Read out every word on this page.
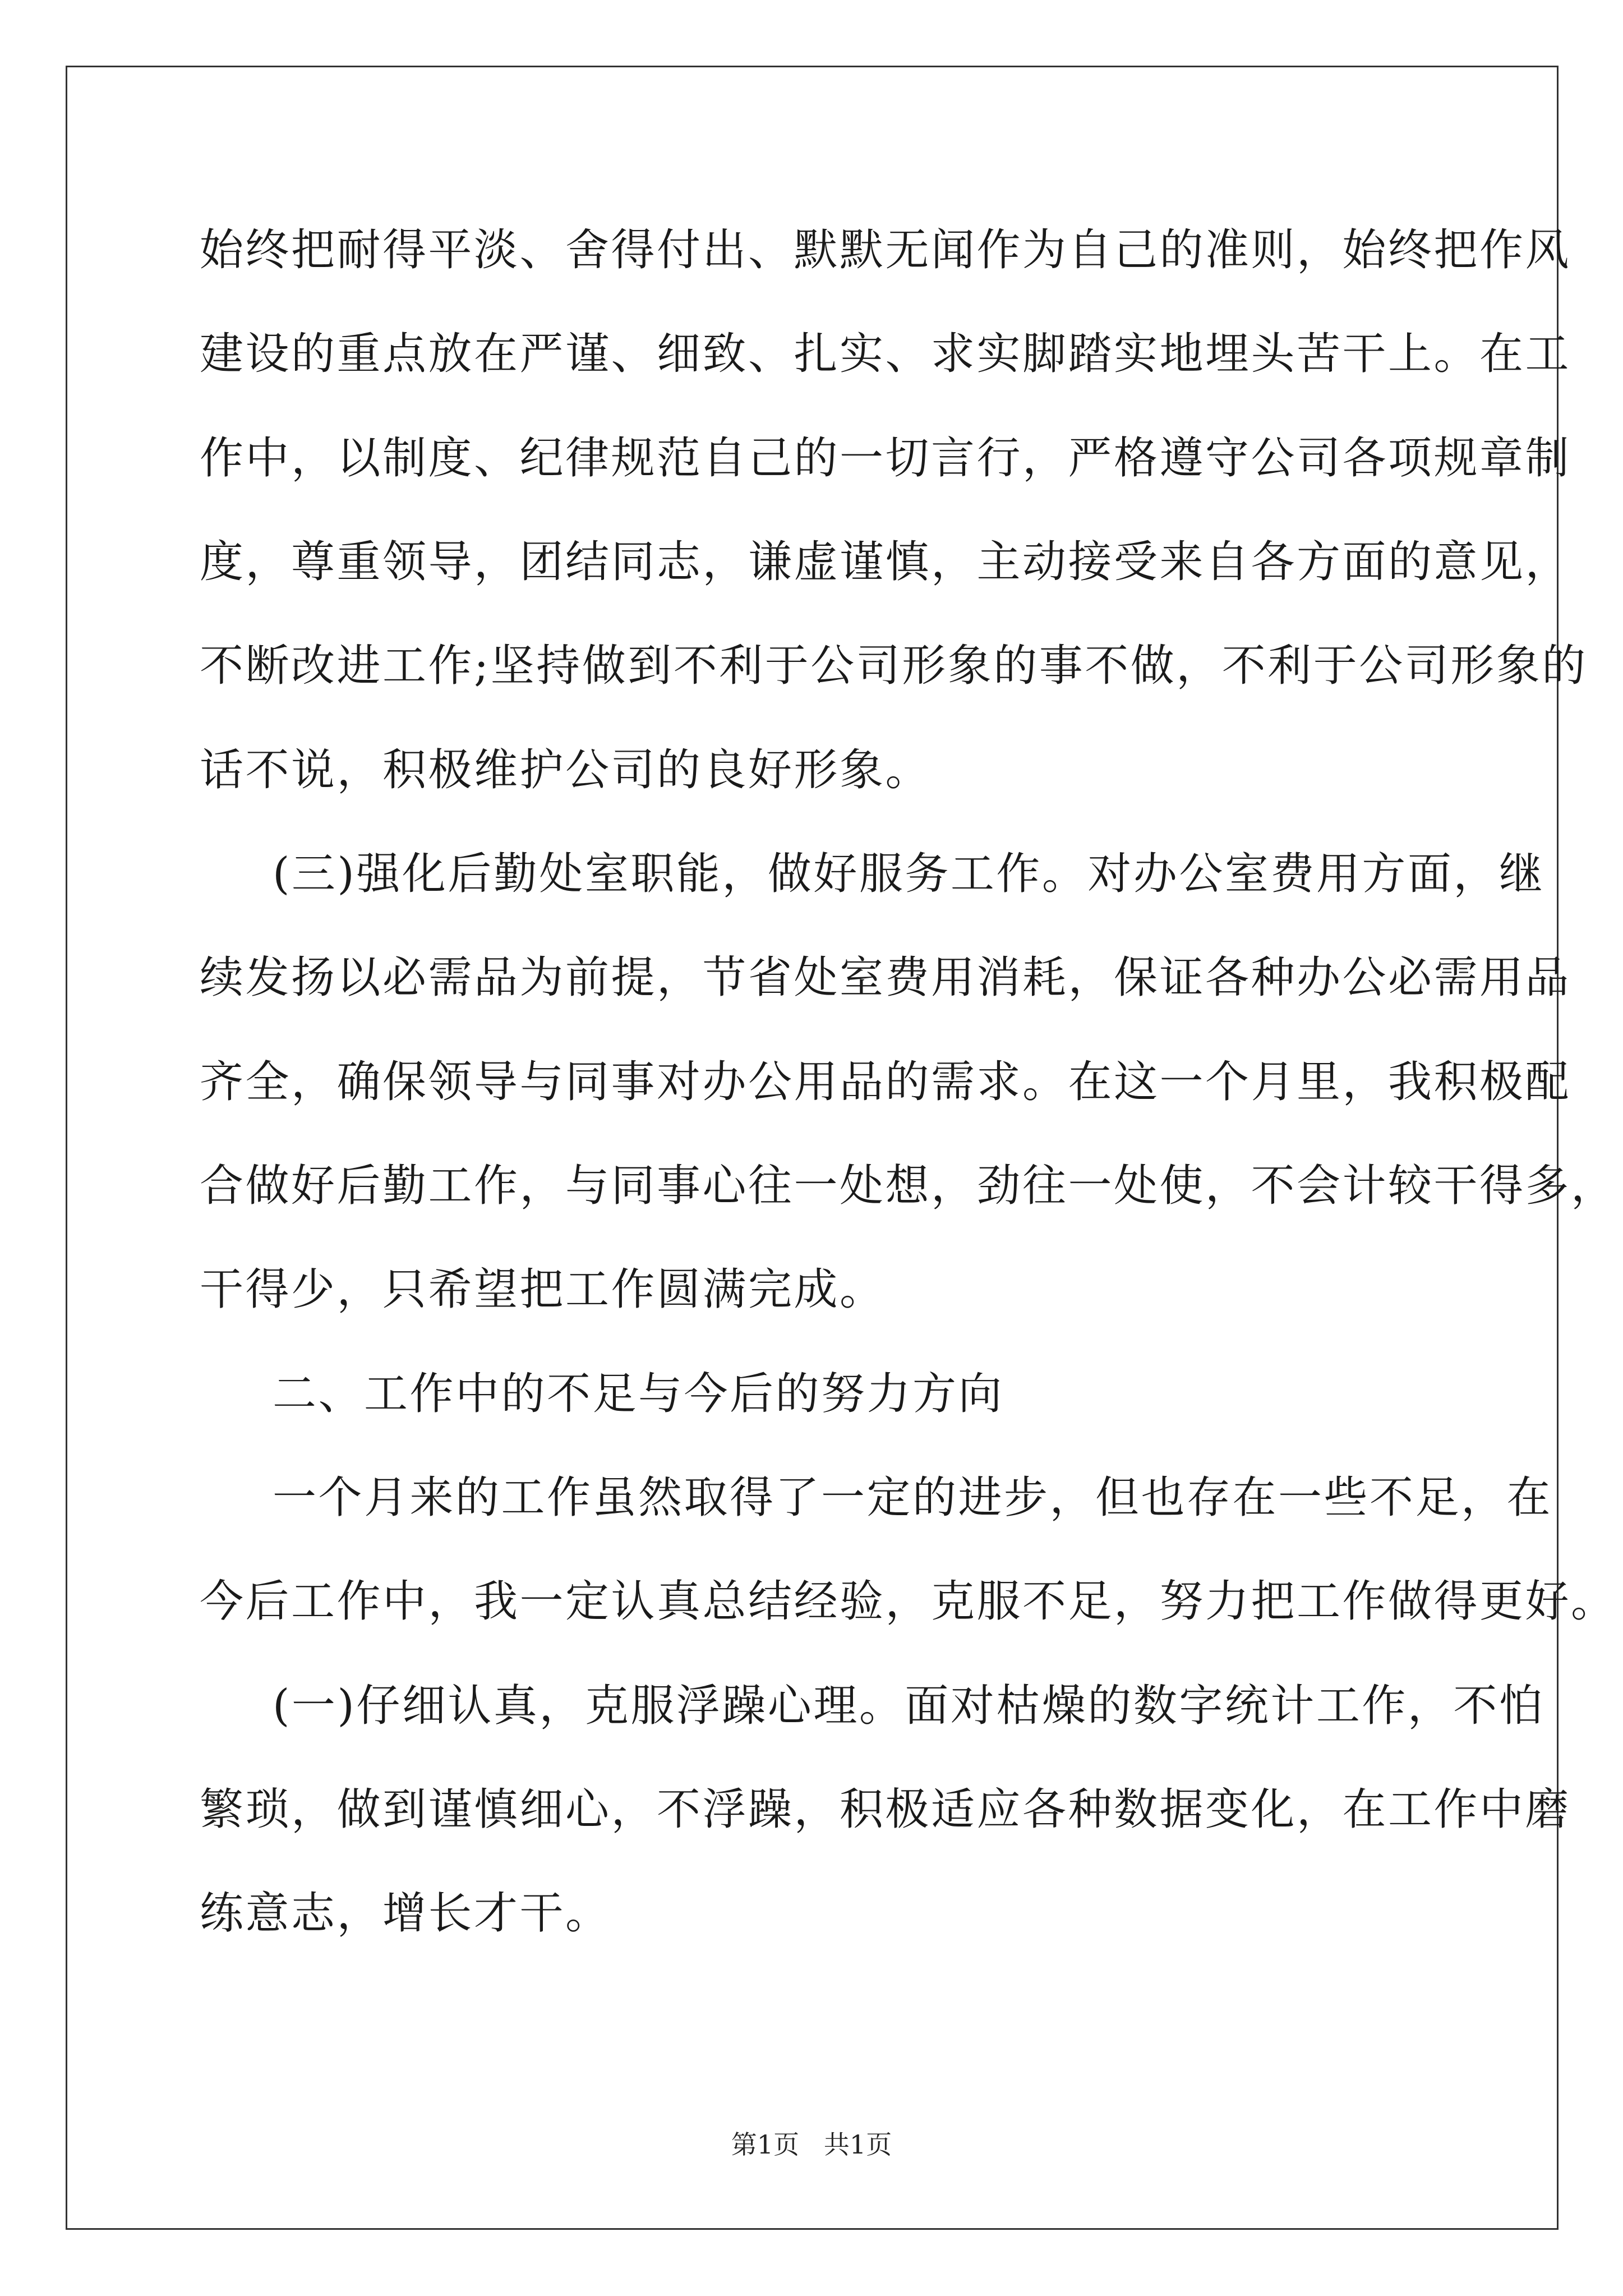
始终把耐得平淡、舍得付出、默默无闻作为自己的准则，始终把作风
建设的重点放在严谨、细致、扎实、求实脚踏实地埋头苦干上。在工
作中，以制度、纪律规范自己的一切言行，严格遵守公司各项规章制
度，尊重领导，团结同志，谦虚谨慎，主动接受来自各方面的意见，
不断改进工作;坚持做到不利于公司形象的事不做，不利于公司形象的
话不说，积极维护公司的良好形象。
(三)强化后勤处室职能，做好服务工作。对办公室费用方面，继
续发扬以必需品为前提，节省处室费用消耗，保证各种办公必需用品
齐全，确保领导与同事对办公用品的需求。在这一个月里，我积极配
合做好后勤工作，与同事心往一处想，劲往一处使，不会计较干得多，
干得少，只希望把工作圆满完成。
二、工作中的不足与今后的努力方向
一个月来的工作虽然取得了一定的进步，但也存在一些不足，在
今后工作中，我一定认真总结经验，克服不足，努力把工作做得更好。
(一)仔细认真，克服浮躁心理。面对枯燥的数字统计工作，不怕
繁琐，做到谨慎细心，不浮躁，积极适应各种数据变化，在工作中磨
练意志，增长才干。
第1页   共1页
